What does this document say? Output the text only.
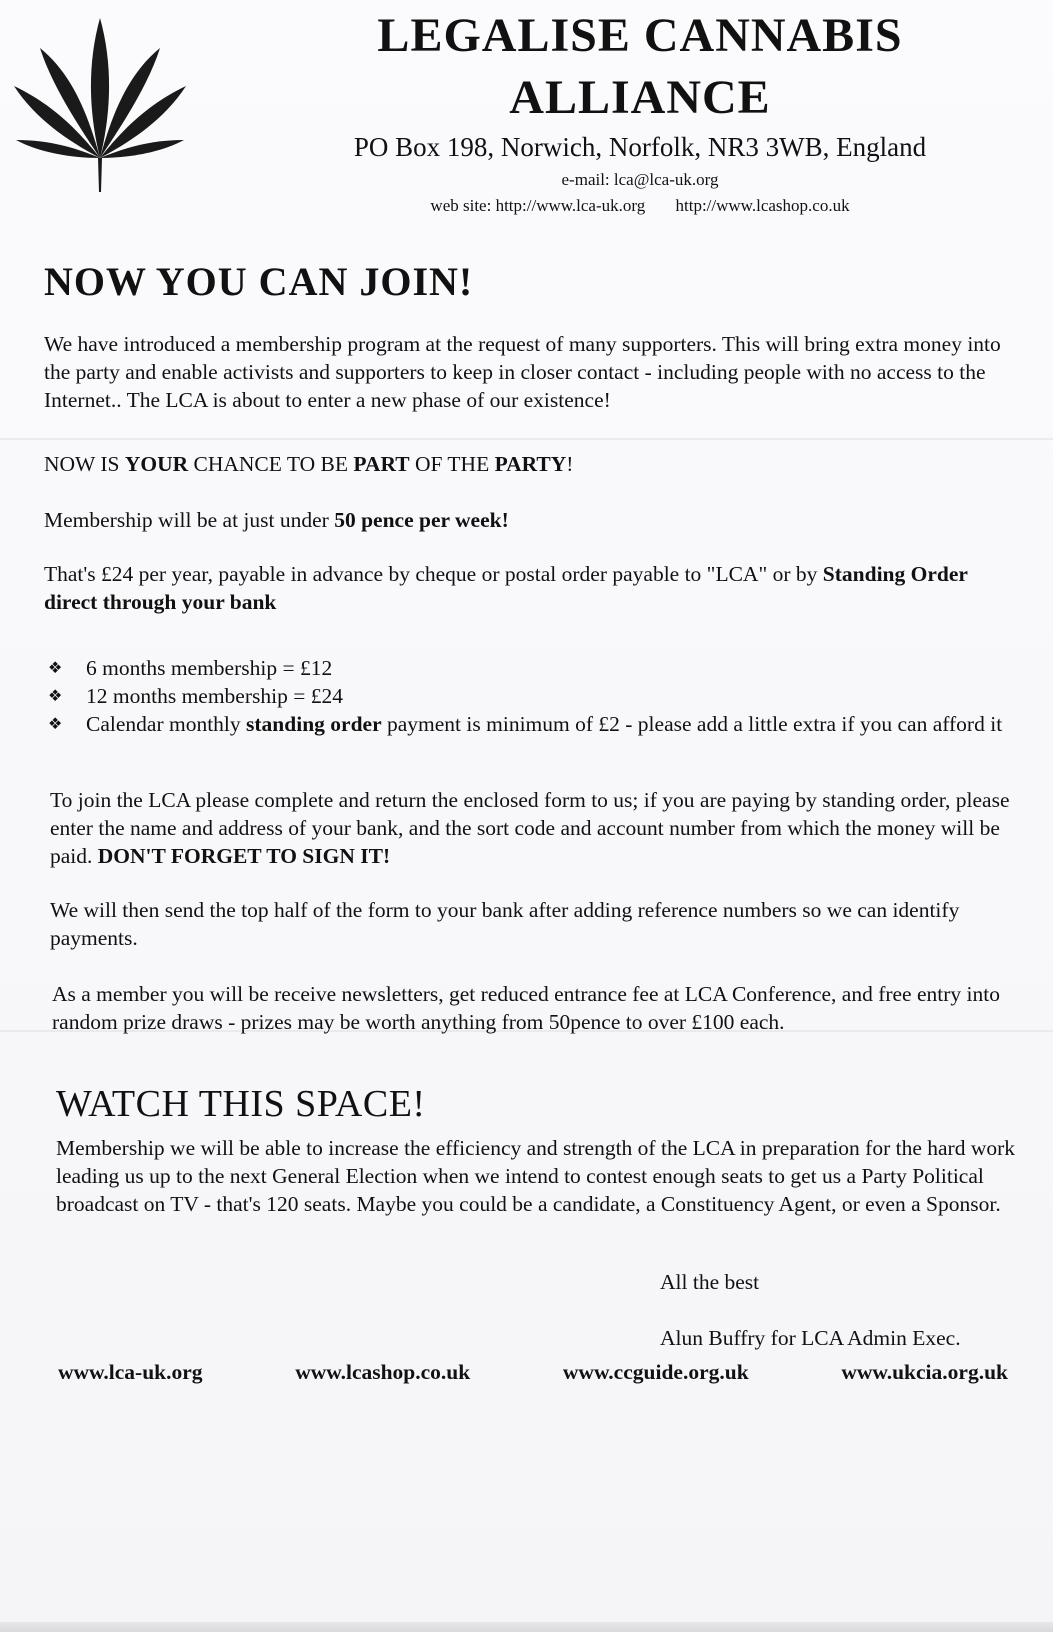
LEGALISE CANNABIS
ALLIANCE
PO Box 198, Norwich, Norfolk, NR3 3WB, England
e-mail: lca@lca-uk.org
web site: http://www.lca-uk.org http://www.lcashop.co.uk
NOW YOU CAN JOIN!
We have introduced a membership program at the request of many supporters. This will bring extra money into the party and enable activists and supporters to keep in closer contact - including people with no access to the Internet.. The LCA is about to enter a new phase of our existence!
NOW IS YOUR CHANCE TO BE PART OF THE PARTY!
Membership will be at just under 50 pence per week!
That's £24 per year, payable in advance by cheque or postal order payable to "LCA" or by Standing Order direct through your bank
❖ 6 months membership = £12
❖ 12 months membership = £24
❖ Calendar monthly standing order payment is minimum of £2 - please add a little extra if you can afford it
To join the LCA please complete and return the enclosed form to us; if you are paying by standing order, please enter the name and address of your bank, and the sort code and account number from which the money will be paid. DON'T FORGET TO SIGN IT!
We will then send the top half of the form to your bank after adding reference numbers so we can identify payments.
As a member you will be receive newsletters, get reduced entrance fee at LCA Conference, and free entry into random prize draws - prizes may be worth anything from 50pence to over £100 each.
WATCH THIS SPACE!
Membership we will be able to increase the efficiency and strength of the LCA in preparation for the hard work leading us up to the next General Election when we intend to contest enough seats to get us a Party Political broadcast on TV - that's 120 seats. Maybe you could be a candidate, a Constituency Agent, or even a Sponsor.
All the best
Alun Buffry for LCA Admin Exec.
www.lca-uk.org	www.lcashop.co.uk	www.ccguide.org.uk	www.ukcia.org.uk
